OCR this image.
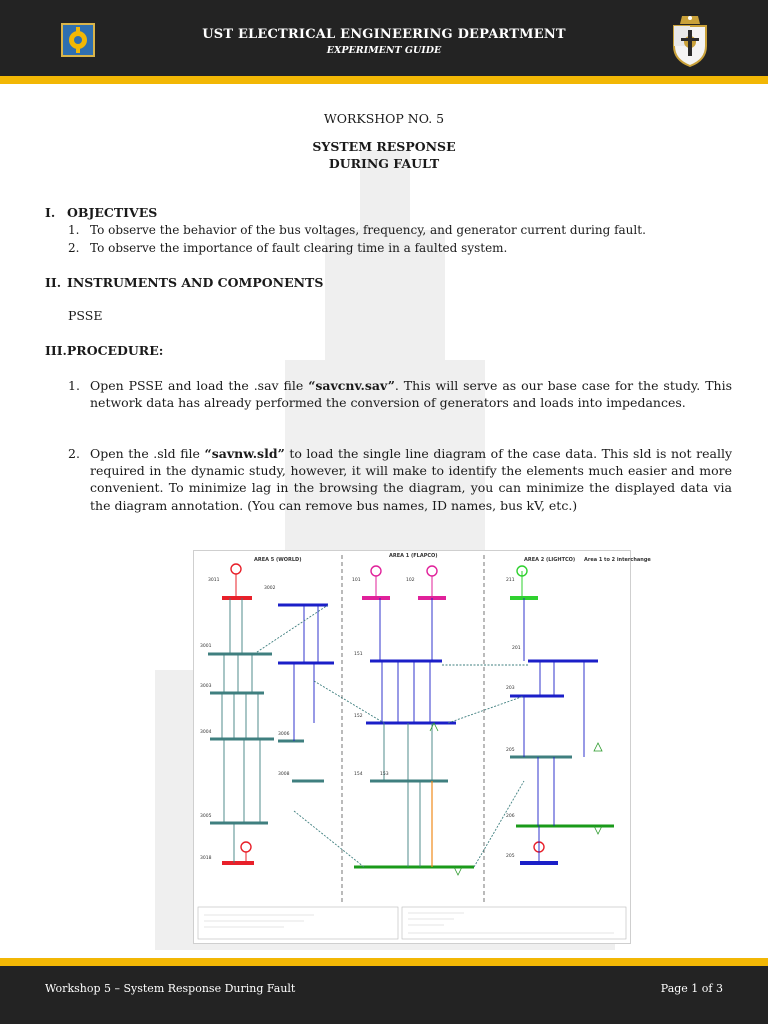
UST ELECTRICAL ENGINEERING DEPARTMENT
EXPERIMENT GUIDE
WORKSHOP NO. 5
SYSTEM RESPONSE
DURING FAULT
I. OBJECTIVES
1. To observe the behavior of the bus voltages, frequency, and generator current during fault.
2. To observe the importance of fault clearing time in a faulted system.
II. INSTRUMENTS AND COMPONENTS
PSSE
III.PROCEDURE:
1. Open PSSE and load the .sav file “savcnv.sav”. This will serve as our base case for the study. This network data has already performed the conversion of generators and loads into impedances.
2. Open the .sld file “savnw.sld” to load the single line diagram of the case data. This sld is not really required in the dynamic study, however, it will make to identify the elements much easier and more convenient. To minimize lag in the browsing the diagram, you can minimize the displayed data via the diagram annotation. (You can remove bus names, ID names, bus kV, etc.)
AREA 5 (WORLD)
AREA 1 (FLAPCO)
AREA 2 (LIGHTCO) Area 1 to 2 interchange
3011
3002
101	102	211
3001	201
3003
151
152
203
3004
154
205
3008	153
3005
3006
206
3018	205
Workshop 5 – System Response During Fault	Page 1 of 3
